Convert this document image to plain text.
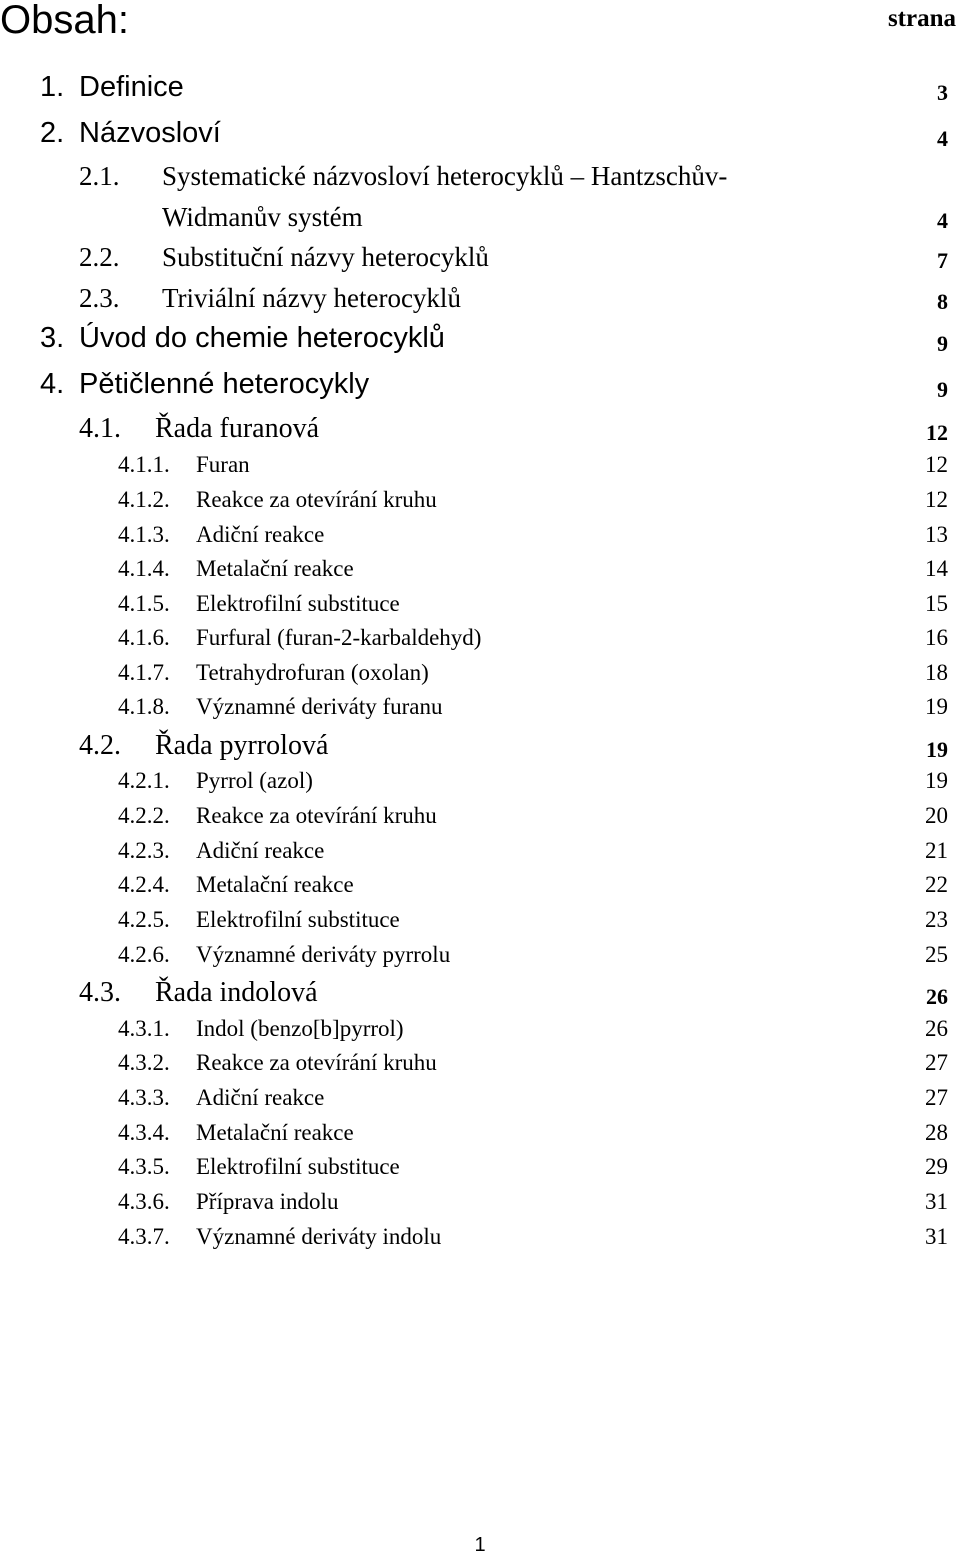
Obsah:	strana
1. Definice	3
2. Názvosloví	4
2.1. Systematické názvosloví heterocyklů – Hantzschův-
Widmanův systém	4
2.2. Substituční názvy heterocyklů	7
2.3. Triviální názvy heterocyklů	8
3. Úvod do chemie heterocyklů	9
4. Pětičlenné heterocykly	9
4.1. Řada furanová	12
4.1.1. Furan	12
4.1.2. Reakce za otevírání kruhu	12
4.1.3. Adiční reakce	13
4.1.4. Metalační reakce	14
4.1.5. Elektrofilní substituce	15
4.1.6. Furfural (furan-2-karbaldehyd)	16
4.1.7. Tetrahydrofuran (oxolan)	18
4.1.8. Významné deriváty furanu	19
4.2. Řada pyrrolová	19
4.2.1. Pyrrol (azol)	19
4.2.2. Reakce za otevírání kruhu	20
4.2.3. Adiční reakce	21
4.2.4. Metalační reakce	22
4.2.5. Elektrofilní substituce	23
4.2.6. Významné deriváty pyrrolu	25
4.3. Řada indolová	26
4.3.1. Indol (benzo[b]pyrrol)	26
4.3.2. Reakce za otevírání kruhu	27
4.3.3. Adiční reakce	27
4.3.4. Metalační reakce	28
4.3.5. Elektrofilní substituce	29
4.3.6. Příprava indolu	31
4.3.7. Významné deriváty indolu	31
1
